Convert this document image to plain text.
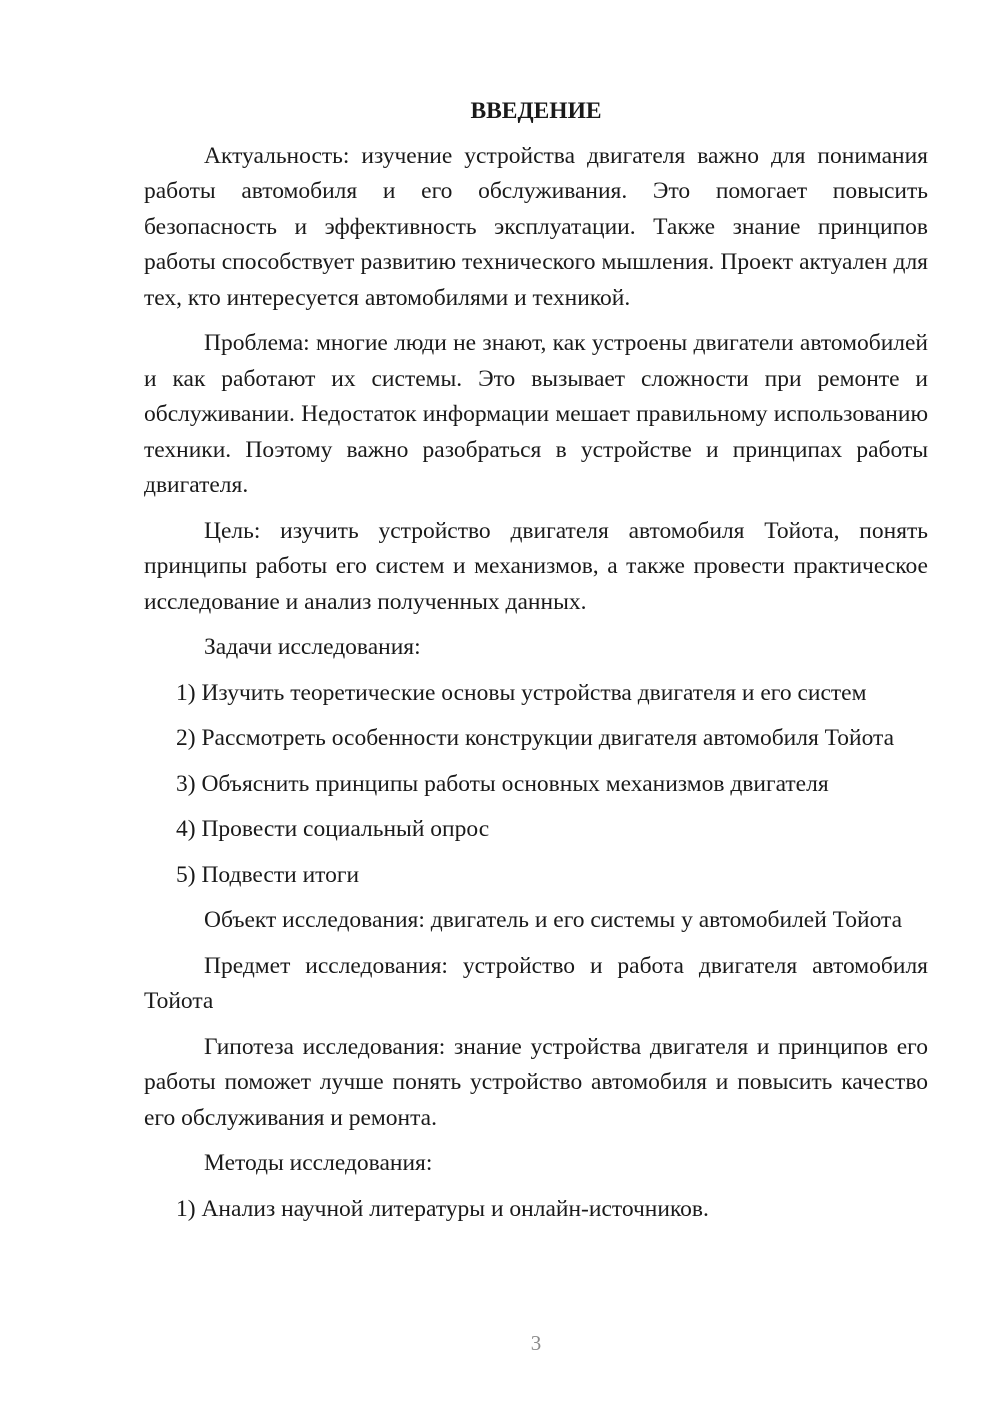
ВВЕДЕНИЕ

Актуальность: изучение устройства двигателя важно для понимания работы автомобиля и его обслуживания. Это помогает повысить безопасность и эффективность эксплуатации. Также знание принципов работы способствует развитию технического мышления. Проект актуален для тех, кто интересуется автомобилями и техникой.

Проблема: многие люди не знают, как устроены двигатели автомобилей и как работают их системы. Это вызывает сложности при ремонте и обслуживании. Недостаток информации мешает правильному использованию техники. Поэтому важно разобраться в устройстве и принципах работы двигателя.

Цель: изучить устройство двигателя автомобиля Тойота, понять принципы работы его систем и механизмов, а также провести практическое исследование и анализ полученных данных.

Задачи исследования:

1) Изучить теоретические основы устройства двигателя и его систем

2) Рассмотреть особенности конструкции двигателя автомобиля Тойота

3) Объяснить принципы работы основных механизмов двигателя

4) Провести социальный опрос

5) Подвести итоги

Объект исследования: двигатель и его системы у автомобилей Тойота

Предмет исследования: устройство и работа двигателя автомобиля Тойота

Гипотеза исследования: знание устройства двигателя и принципов его работы поможет лучше понять устройство автомобиля и повысить качество его обслуживания и ремонта.

Методы исследования:

1) Анализ научной литературы и онлайн-источников.

3
